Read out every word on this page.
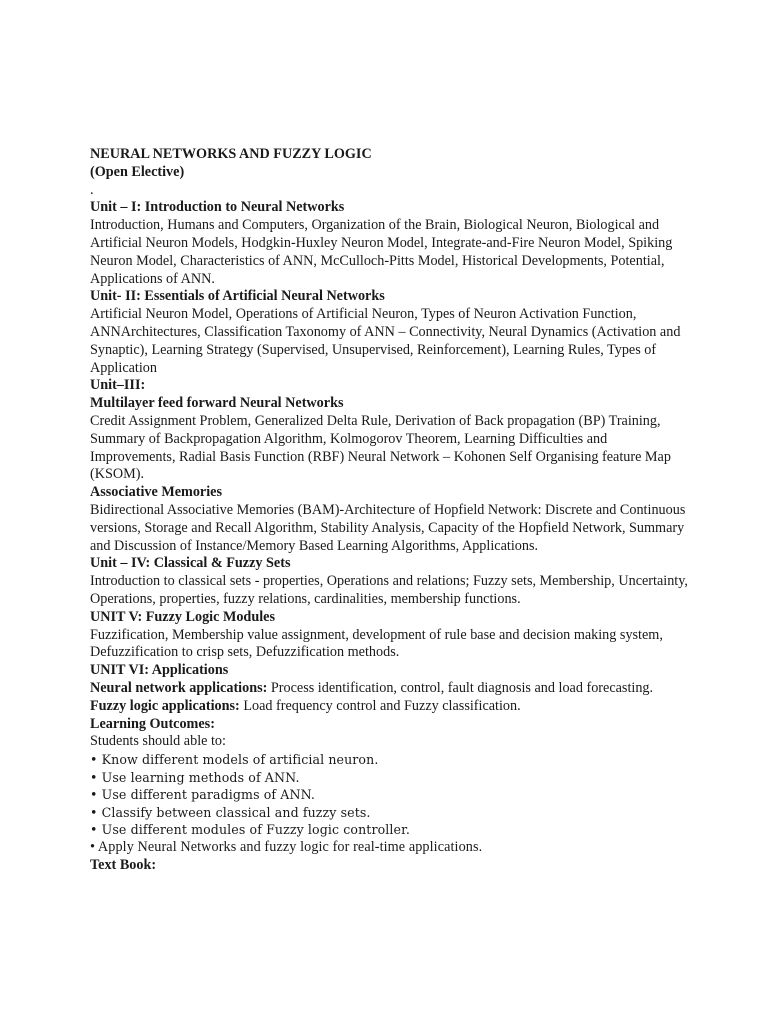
NEURAL NETWORKS AND FUZZY LOGIC

(Open Elective)

.

Unit – I: Introduction to Neural Networks

Introduction, Humans and Computers, Organization of the Brain, Biological Neuron, Biological and Artificial Neuron Models, Hodgkin-Huxley Neuron Model, Integrate-and-Fire Neuron Model, Spiking Neuron Model, Characteristics of ANN, McCulloch-Pitts Model, Historical Developments, Potential, Applications of ANN.

Unit- II: Essentials of Artificial Neural Networks

Artificial Neuron Model, Operations of Artificial Neuron, Types of Neuron Activation Function, ANNArchitectures, Classification Taxonomy of ANN – Connectivity, Neural Dynamics (Activation and Synaptic), Learning Strategy (Supervised, Unsupervised, Reinforcement), Learning Rules, Types of Application

Unit–III:

Multilayer feed forward Neural Networks

Credit Assignment Problem, Generalized Delta Rule, Derivation of Back propagation (BP) Training, Summary of Backpropagation Algorithm, Kolmogorov Theorem, Learning Difficulties and Improvements, Radial Basis Function (RBF) Neural Network – Kohonen Self Organising feature Map (KSOM).

Associative Memories

Bidirectional Associative Memories (BAM)-Architecture of Hopfield Network: Discrete and Continuous versions, Storage and Recall Algorithm, Stability Analysis, Capacity of the Hopfield Network, Summary and Discussion of Instance/Memory Based Learning Algorithms, Applications.

Unit – IV: Classical & Fuzzy Sets

Introduction to classical sets - properties, Operations and relations; Fuzzy sets, Membership, Uncertainty, Operations, properties, fuzzy relations, cardinalities, membership functions.

UNIT V: Fuzzy Logic Modules

Fuzzification, Membership value assignment, development of rule base and decision making system, Defuzzification to crisp sets, Defuzzification methods.

UNIT VI: Applications

Neural network applications: Process identification, control, fault diagnosis and load forecasting.

Fuzzy logic applications: Load frequency control and Fuzzy classification.

Learning Outcomes:

Students should able to:

• Know different models of artificial neuron.

• Use learning methods of ANN.

• Use different paradigms of ANN.

• Classify between classical and fuzzy sets.

• Use different modules of Fuzzy logic controller.

• Apply Neural Networks and fuzzy logic for real-time applications.

Text Book:
